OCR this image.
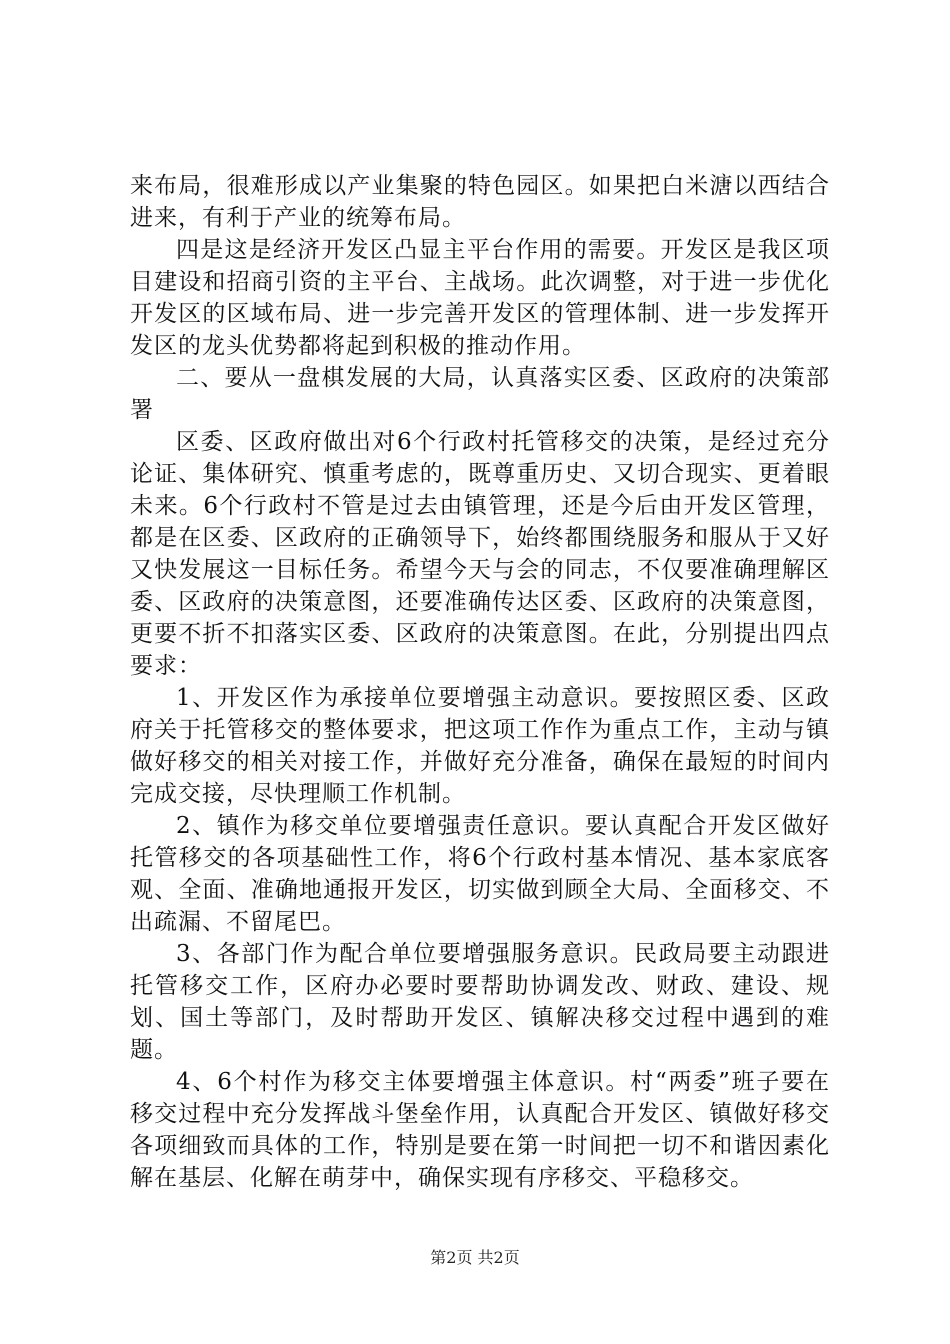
来布局，很难形成以产业集聚的特色园区。如果把白米溏以西结合进来，有利于产业的统筹布局。

四是这是经济开发区凸显主平台作用的需要。开发区是我区项目建设和招商引资的主平台、主战场。此次调整，对于进一步优化开发区的区域布局、进一步完善开发区的管理体制、进一步发挥开发区的龙头优势都将起到积极的推动作用。

二、要从一盘棋发展的大局，认真落实区委、区政府的决策部署

区委、区政府做出对6个行政村托管移交的决策，是经过充分论证、集体研究、慎重考虑的，既尊重历史、又切合现实、更着眼未来。6个行政村不管是过去由镇管理，还是今后由开发区管理，都是在区委、区政府的正确领导下，始终都围绕服务和服从于又好又快发展这一目标任务。希望今天与会的同志，不仅要准确理解区委、区政府的决策意图，还要准确传达区委、区政府的决策意图，更要不折不扣落实区委、区政府的决策意图。在此，分别提出四点要求：

1、开发区作为承接单位要增强主动意识。要按照区委、区政府关于托管移交的整体要求，把这项工作作为重点工作，主动与镇做好移交的相关对接工作，并做好充分准备，确保在最短的时间内完成交接，尽快理顺工作机制。

2、镇作为移交单位要增强责任意识。要认真配合开发区做好托管移交的各项基础性工作，将6个行政村基本情况、基本家底客观、全面、准确地通报开发区，切实做到顾全大局、全面移交、不出疏漏、不留尾巴。

3、各部门作为配合单位要增强服务意识。民政局要主动跟进托管移交工作，区府办必要时要帮助协调发改、财政、建设、规划、国土等部门，及时帮助开发区、镇解决移交过程中遇到的难题。

4、6个村作为移交主体要增强主体意识。村“两委”班子要在移交过程中充分发挥战斗堡垒作用，认真配合开发区、镇做好移交各项细致而具体的工作，特别是要在第一时间把一切不和谐因素化解在基层、化解在萌芽中，确保实现有序移交、平稳移交。

第2页 共2页
